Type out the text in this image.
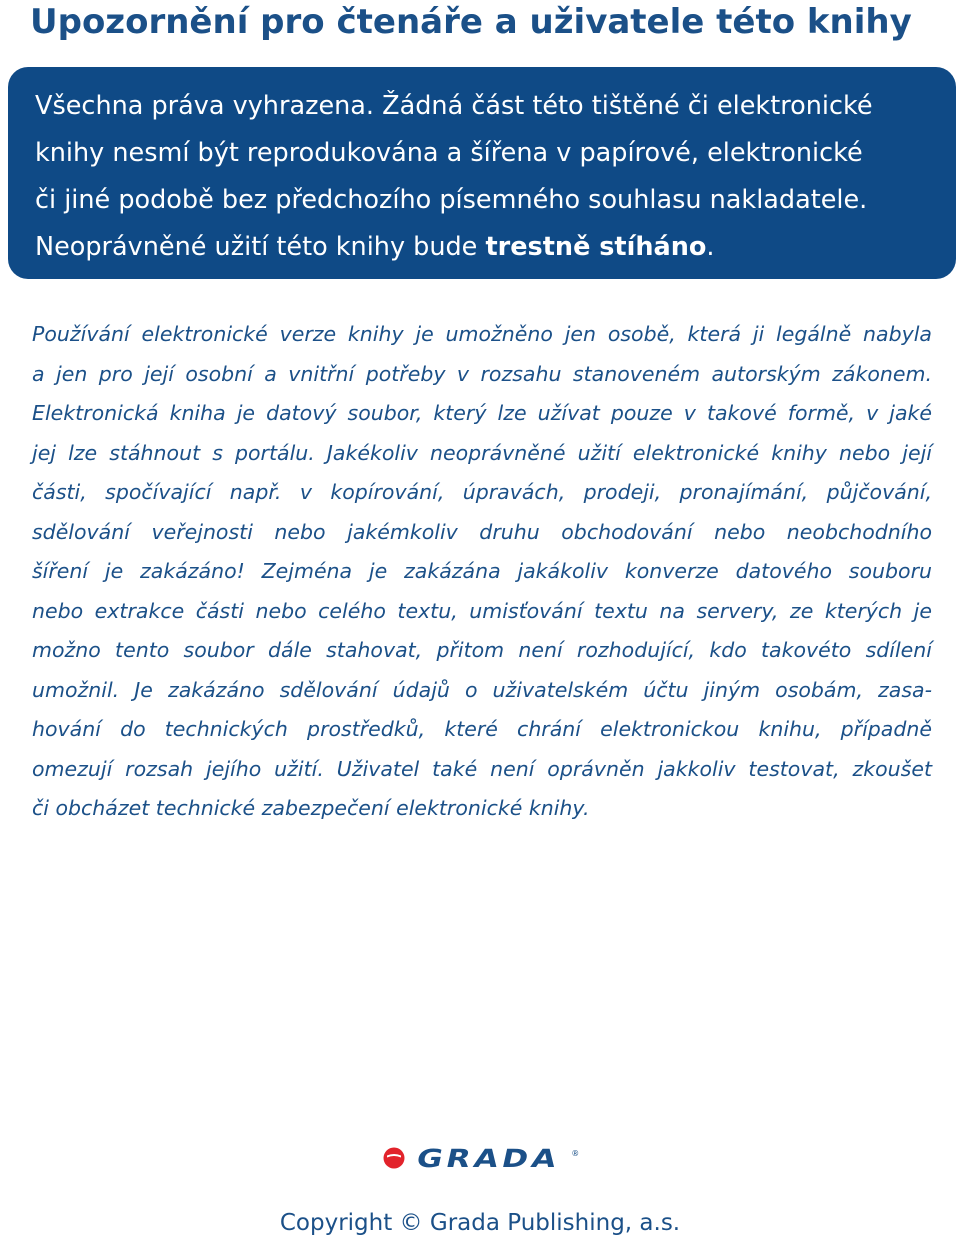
Upozornění pro čtenáře a uživatele této knihy

Všechna práva vyhrazena. Žádná část této tištěné či elektronické

knihy nesmí být reprodukována a šířena v papírové, elektronické

či jiné podobě bez předchozího písemného souhlasu nakladatele.

Neoprávněné užití této knihy bude trestně stíháno.

Používání elektronické verze knihy je umožněno jen osobě, která ji legálně nabyla
a jen pro její osobní a vnitřní potřeby v rozsahu stanoveném autorským zákonem.
Elektronická kniha je datový soubor, který lze užívat pouze v takové formě, v jaké
jej lze stáhnout s portálu. Jakékoliv neoprávněné užití elektronické knihy nebo její
části, spočívající např. v kopírování, úpravách, prodeji, pronajímání, půjčování,
sdělování veřejnosti nebo jakémkoliv druhu obchodování nebo neobchodního
šíření je zakázáno! Zejména je zakázána jakákoliv konverze datového souboru
nebo extrakce části nebo celého textu, umisťování textu na servery, ze kterých je
možno tento soubor dále stahovat, přitom není rozhodující, kdo takovéto sdílení
umožnil. Je zakázáno sdělování údajů o uživatelském účtu jiným osobám, zasa-
hování do technických prostředků, které chrání elektronickou knihu, případně
omezují rozsah jejího užití. Uživatel také není oprávněn jakkoliv testovat, zkoušet
či obcházet technické zabezpečení elektronické knihy.
GRADA ®
Copyright © Grada Publishing, a.s.
